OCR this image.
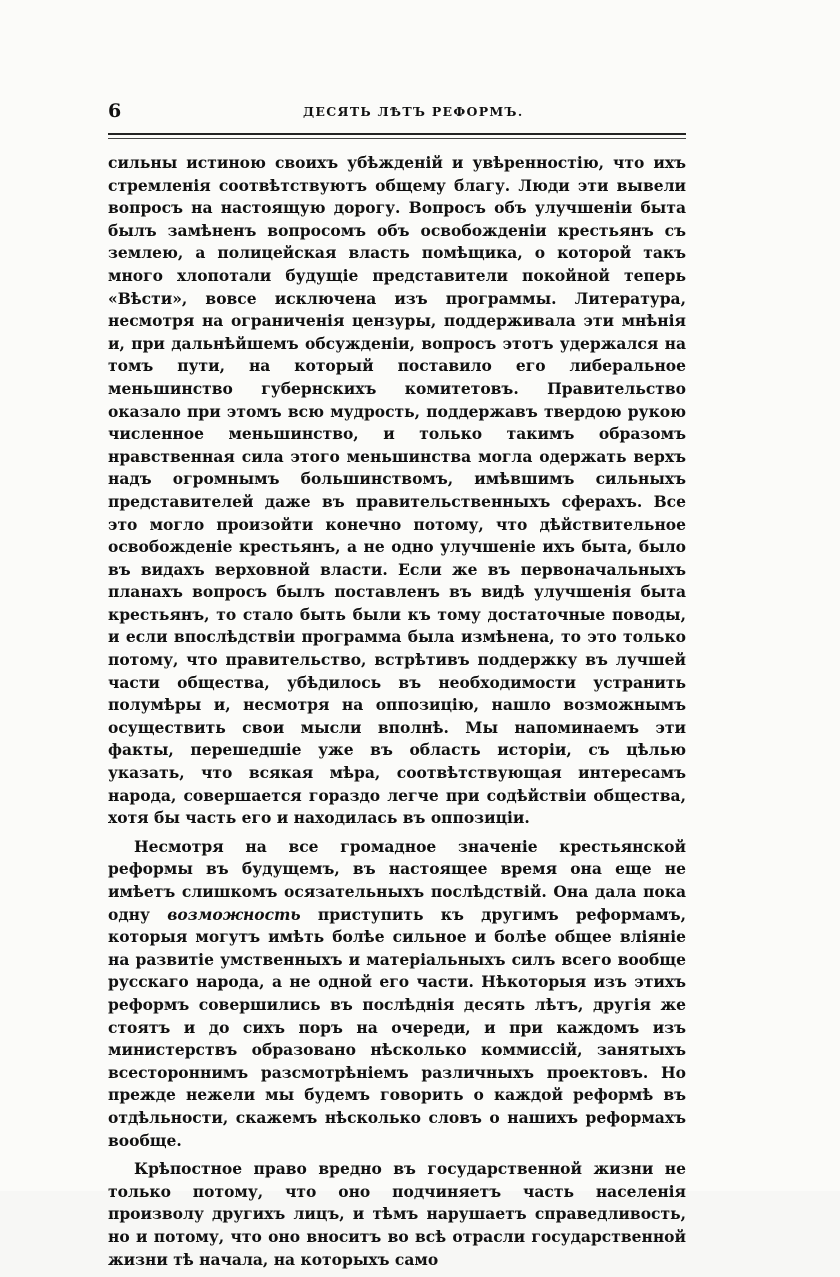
6	ДЕСЯТЬ ЛѢТЪ РЕФОРМЪ.

сильны истиною своихъ убѣжденій и увѣренностію, что ихъ стремленія соотвѣтствуютъ общему благу. Люди эти вывели вопросъ на настоящую дорогу. Вопросъ объ улучшеніи быта былъ замѣненъ вопросомъ объ освобожденіи крестьянъ съ землею, а полицейская власть помѣщика, о которой такъ много хлопотали будущіе представители покойной теперь «Вѣсти», вовсе исключена изъ программы. Литература, несмотря на ограниченія цензуры, поддерживала эти мнѣнія и, при дальнѣйшемъ обсужденіи, вопросъ этотъ удержался на томъ пути, на который поставило его либеральное меньшинство губернскихъ комитетовъ. Правительство оказало при этомъ всю мудрость, поддержавъ твердою рукою численное меньшинство, и только такимъ образомъ нравственная сила этого меньшинства могла одержать верхъ надъ огромнымъ большинствомъ, имѣвшимъ сильныхъ представителей даже въ правительственныхъ сферахъ. Все это могло произойти конечно потому, что дѣйствительное освобожденіе крестьянъ, а не одно улучшеніе ихъ быта, было въ видахъ верховной власти. Если же въ первоначальныхъ планахъ вопросъ былъ поставленъ въ видѣ улучшенія быта крестьянъ, то стало быть были къ тому достаточные поводы, и если впослѣдствіи программа была измѣнена, то это только потому, что правительство, встрѣтивъ поддержку въ лучшей части общества, убѣдилось въ необходимости устранить полумѣры и, несмотря на оппозицію, нашло возможнымъ осуществить свои мысли вполнѣ. Мы напоминаемъ эти факты, перешедшіе уже въ область исторіи, съ цѣлью указать, что всякая мѣра, соотвѣтствующая интересамъ народа, совершается гораздо легче при содѣйствіи общества, хотя бы часть его и находилась въ оппозиціи.

Несмотря на все громадное значеніе крестьянской реформы въ будущемъ, въ настоящее время она еще не имѣетъ слишкомъ осязательныхъ послѣдствій. Она дала пока одну возможность приступить къ другимъ реформамъ, которыя могутъ имѣть болѣе сильное и болѣе общее вліяніе на развитіе умственныхъ и матеріальныхъ силъ всего вообще русскаго народа, а не одной его части. Нѣкоторыя изъ этихъ реформъ совершились въ послѣднія десять лѣтъ, другія же стоятъ и до сихъ поръ на очереди, и при каждомъ изъ министерствъ образовано нѣсколько коммиссій, занятыхъ всестороннимъ разсмотрѣніемъ различныхъ проектовъ. Но прежде нежели мы будемъ говорить о каждой реформѣ въ отдѣльности, скажемъ нѣсколько словъ о нашихъ реформахъ вообще.

Крѣпостное право вредно въ государственной жизни не только потому, что оно подчиняетъ часть населенія произволу другихъ лицъ, и тѣмъ нарушаетъ справедливость, но и потому, что оно вноситъ во всѣ отрасли государственной жизни тѣ начала, на которыхъ само
